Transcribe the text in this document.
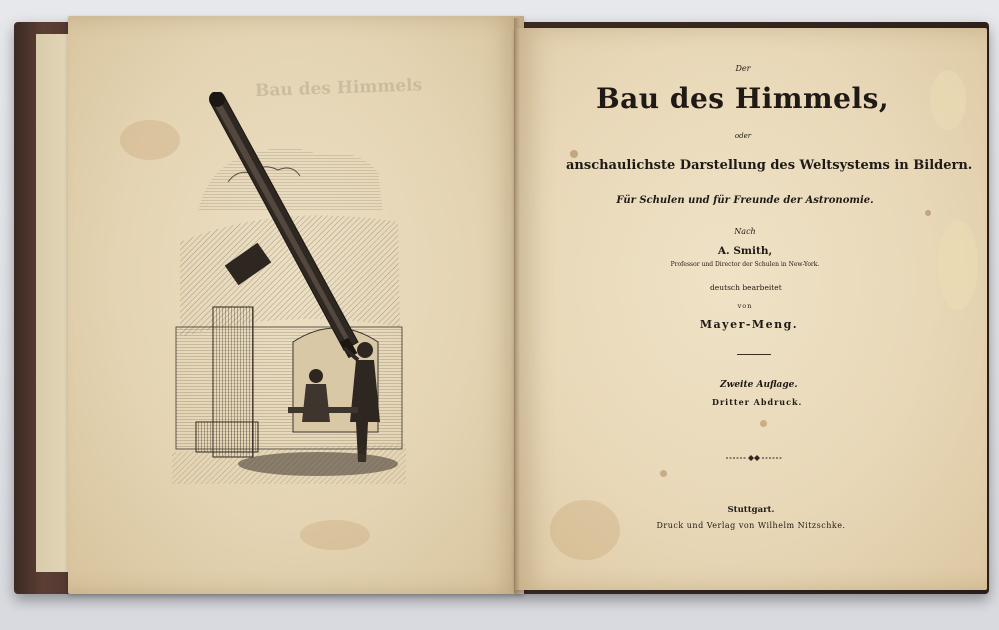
Bau des Himmels
Der
Bau des Himmels,
oder
anschaulichste Darstellung des Weltsystems in Bildern.
Für Schulen und für Freunde der Astronomie.
Nach
A. Smith,
Professor und Director der Schulen in New-York.
deutsch bearbeitet
von
Mayer-Meng.
Zweite Auflage.
Dritter Abdruck.
Stuttgart.
Druck und Verlag von Wilhelm Nitzschke.
